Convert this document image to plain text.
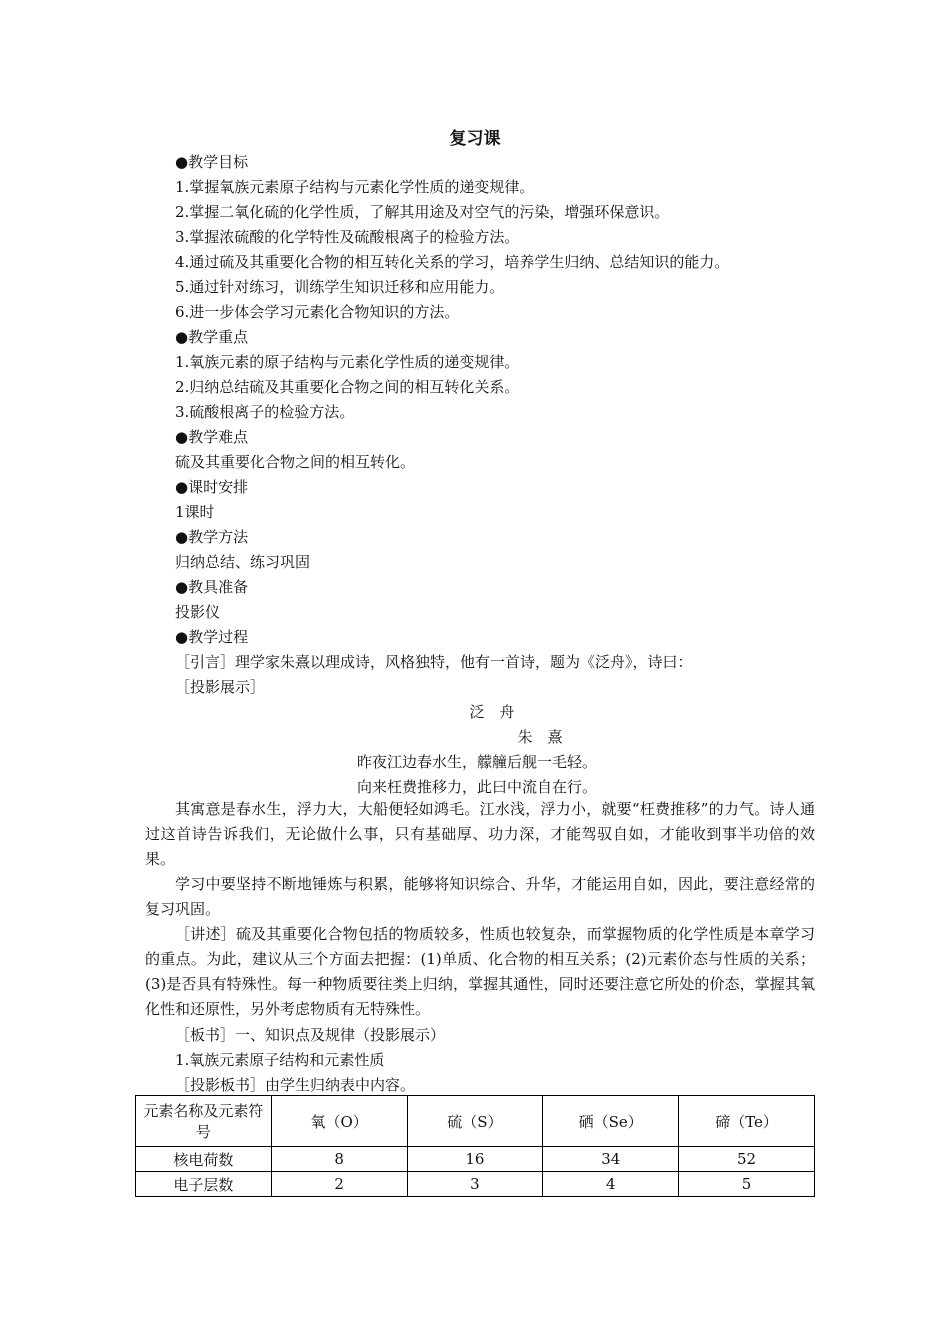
复习课
●教学目标
1.掌握氧族元素原子结构与元素化学性质的递变规律。
2.掌握二氧化硫的化学性质，了解其用途及对空气的污染，增强环保意识。
3.掌握浓硫酸的化学特性及硫酸根离子的检验方法。
4.通过硫及其重要化合物的相互转化关系的学习，培养学生归纳、总结知识的能力。
5.通过针对练习，训练学生知识迁移和应用能力。
6.进一步体会学习元素化合物知识的方法。
●教学重点
1.氧族元素的原子结构与元素化学性质的递变规律。
2.归纳总结硫及其重要化合物之间的相互转化关系。
3.硫酸根离子的检验方法。
●教学难点
硫及其重要化合物之间的相互转化。
●课时安排
1课时
●教学方法
归纳总结、练习巩固
●教具准备
投影仪
●教学过程
［引言］理学家朱熹以理成诗，风格独特，他有一首诗，题为《泛舟》，诗曰：
［投影展示］
泛　舟
朱　熹
昨夜江边春水生，艨艟后舰一毛轻。
向来枉费推移力，此曰中流自在行。
其寓意是春水生，浮力大，大船便轻如鸿毛。江水浅，浮力小，就要“枉费推移”的力气。诗人通过这首诗告诉我们，无论做什么事，只有基础厚、功力深，才能驾驭自如，才能收到事半功倍的效果。
学习中要坚持不断地锤炼与积累，能够将知识综合、升华，才能运用自如，因此，要注意经常的复习巩固。
［讲述］硫及其重要化合物包括的物质较多，性质也较复杂，而掌握物质的化学性质是本章学习的重点。为此，建议从三个方面去把握：(1)单质、化合物的相互关系；(2)元素价态与性质的关系；(3)是否具有特殊性。每一种物质要往类上归纳，掌握其通性，同时还要注意它所处的价态，掌握其氧化性和还原性，另外考虑物质有无特殊性。
［板书］一、知识点及规律（投影展示）
1.氧族元素原子结构和元素性质
［投影板书］由学生归纳表中内容。
元素名称及元素符号	氧（O）	硫（S）	硒（Se）	碲（Te）
核电荷数	8	16	34	52
电子层数	2	3	4	5
